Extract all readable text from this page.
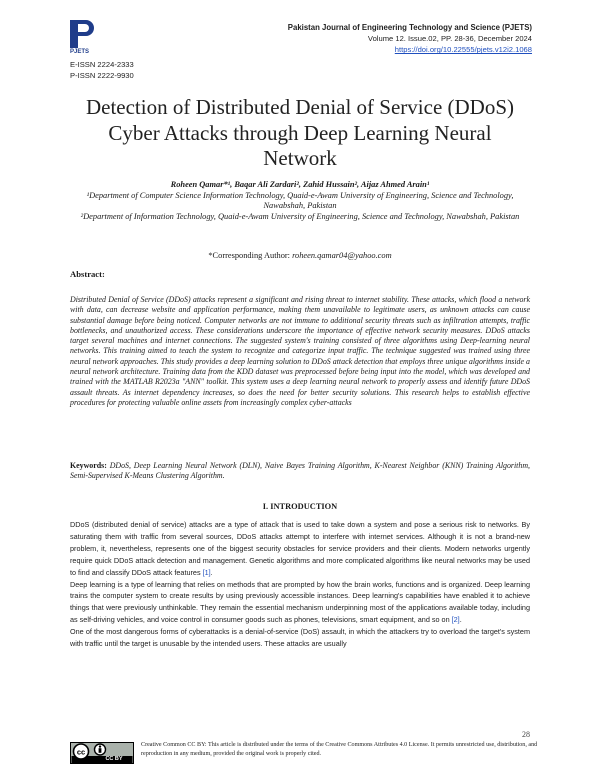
PJETS
E-ISSN 2224-2333
P-ISSN 2222-9930
Pakistan Journal of Engineering Technology and Science (PJETS)
Volume 12. Issue.02, PP. 28-36, December 2024
https://doi.org/10.22555/pjets.v12i2.1068
Detection of Distributed Denial of Service (DDoS) Cyber Attacks through Deep Learning Neural Network
Roheen Qamar*¹, Baqar Ali Zardari², Zahid Hussain², Aijaz Ahmed Arain¹
¹Department of Computer Science Information Technology, Quaid-e-Awam University of Engineering, Science and Technology, Nawabshah, Pakistan
²Department of Information Technology, Quaid-e-Awam University of Engineering, Science and Technology, Nawabshah, Pakistan
*Corresponding Author: roheen.qamar04@yahoo.com
Abstract:
Distributed Denial of Service (DDoS) attacks represent a significant and rising threat to internet stability. These attacks, which flood a network with data, can decrease website and application performance, making them unavailable to legitimate users, as unknown attacks can cause substantial damage before being noticed. Computer networks are not immune to additional security threats such as infiltration attempts, traffic bottlenecks, and unauthorized access. These considerations underscore the importance of effective network security measures. DDoS attacks target several machines and internet connections. The suggested system's training consisted of three algorithms using Deep-learning neural networks. This training aimed to teach the system to recognize and categorize input traffic. The technique suggested was trained using three neural network approaches. This study provides a deep learning solution to DDoS attack detection that employs three unique algorithms inside a neural network architecture. Training data from the KDD dataset was preprocessed before being input into the model, which was developed and trained with the MATLAB R2023a "ANN" toolkit. This system uses a deep learning neural network to properly assess and identify future DDoS assault threats. As internet dependency increases, so does the need for better security solutions. This research helps to establish effective procedures for protecting valuable online assets from increasingly complex cyber-attacks
Keywords: DDoS, Deep Learning Neural Network (DLN), Naive Bayes Training Algorithm, K-Nearest Neighbor (KNN) Training Algorithm, Semi-Supervised K-Means Clustering Algorithm.
I. INTRODUCTION

DDoS (distributed denial of service) attacks are a type of attack that is used to take down a system and pose a serious risk to networks. By saturating them with traffic from several sources, DDoS attacks attempt to interfere with internet services. Although it is not a brand-new problem, it, nevertheless, represents one of the biggest security obstacles for service providers and their clients. Modern networks urgently require quick DDoS attack detection and management. Genetic algorithms and more complicated algorithms like neural networks may be used to find and classify DDoS attack features [1].

Deep learning is a type of learning that relies on methods that are prompted by how the brain works, functions and is organized. Deep learning trains the computer system to create results by using previously accessible instances. Deep learning's capabilities have enabled it to achieve things that were previously unthinkable. They remain the essential mechanism underpinning most of the applications available today, including as self-driving vehicles, and voice control in consumer goods such as phones, televisions, smart equipment, and so on [2].

One of the most dangerous forms of cyberattacks is a denial-of-service (DoS) assault, in which the attackers try to overload the target's system with traffic until the target is unusable by the intended users. These attacks are usually

28
cc
CC BY
Creative Common CC BY: This article is distributed under the terms of the Creative Commons Attributes 4.0 License. It permits unrestricted use, distribution, and reproduction in any medium, provided the original work is properly cited.
